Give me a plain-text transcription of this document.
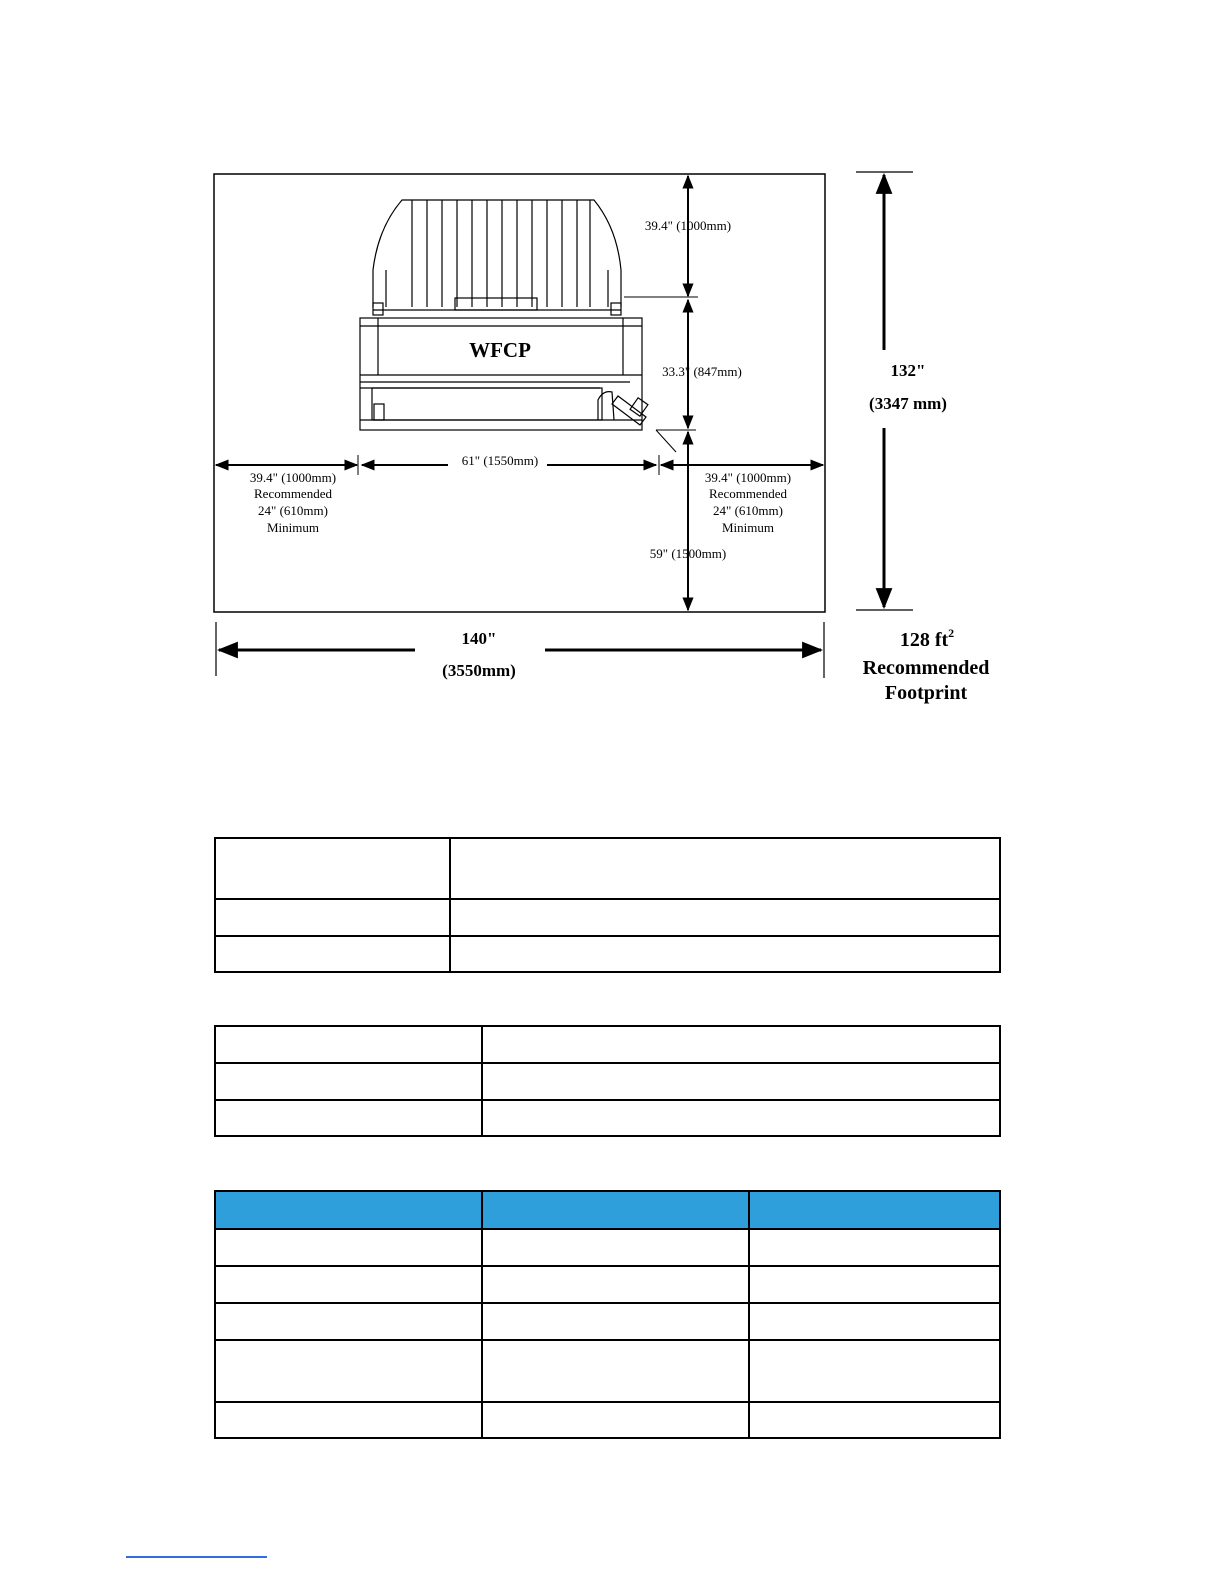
WFCP
39.4" (1000mm)
33.3" (847mm)
59" (1500mm)
61" (1550mm)
39.4" (1000mm)
Recommended
24" (610mm)
Minimum
39.4" (1000mm)
Recommended
24" (610mm)
Minimum
132"
(3347 mm)
140"
(3550mm)
128 $ft^2$
Recommended
Footprint
